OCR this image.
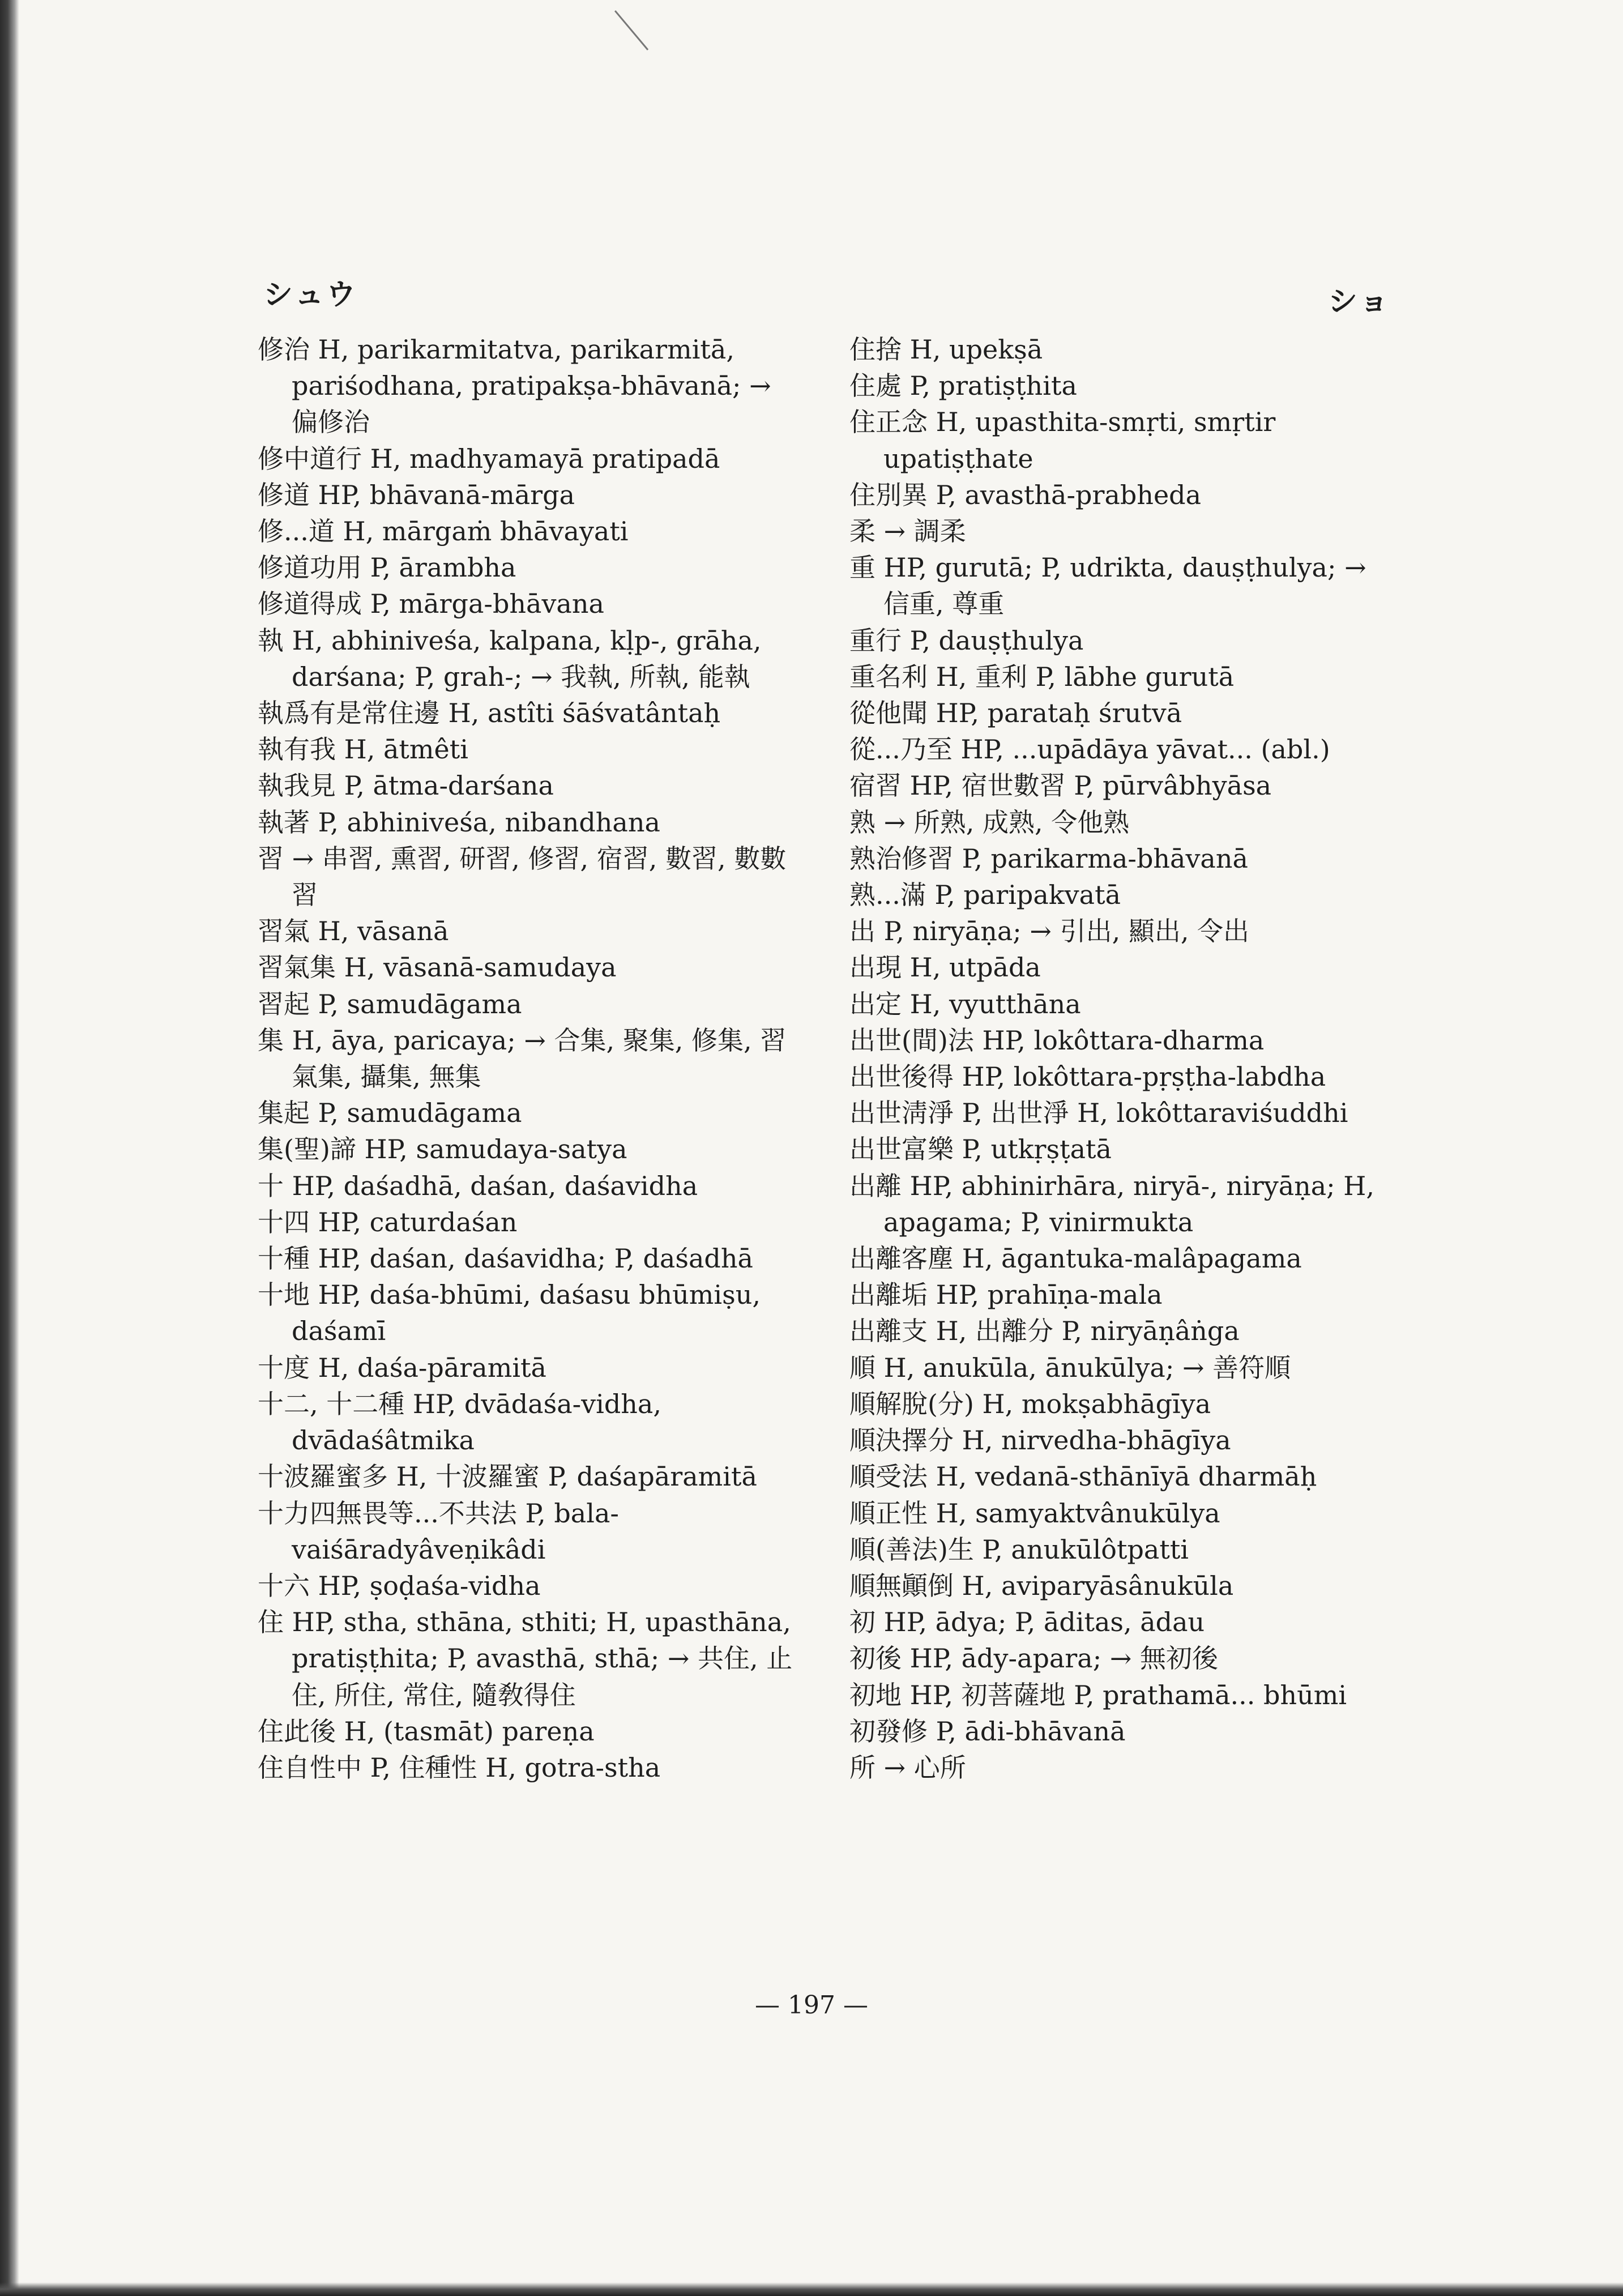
シュウ	ショ

修治 H, parikarmitatva, parikarmitā, pariśodhana, pratipakṣa-bhāvanā; → 偏修治

修中道行 H, madhyamayā pratipadā

修道 HP, bhāvanā-mārga

修...道 H, mārgaṁ bhāvayati

修道功用 P, ārambha

修道得成 P, mārga-bhāvana

執 H, abhiniveśa, kalpana, kḷp-, grāha, darśana; P, grah-; → 我執, 所執, 能執

執爲有是常住邊 H, astîti śāśvatântaḥ

執有我 H, ātmêti

執我見 P, ātma-darśana

執著 P, abhiniveśa, nibandhana

習 → 串習, 熏習, 研習, 修習, 宿習, 數習, 數數習

習氣 H, vāsanā

習氣集 H, vāsanā-samudaya

習起 P, samudāgama

集 H, āya, paricaya; → 合集, 聚集, 修集, 習氣集, 攝集, 無集

集起 P, samudāgama

集(聖)諦 HP, samudaya-satya

十 HP, daśadhā, daśan, daśavidha

十四 HP, caturdaśan

十種 HP, daśan, daśavidha; P, daśadhā

十地 HP, daśa-bhūmi, daśasu bhūmiṣu, daśamī

十度 H, daśa-pāramitā

十二, 十二種 HP, dvādaśa-vidha, dvādaśâtmika

十波羅蜜多 H, 十波羅蜜 P, daśapāramitā

十力四無畏等...不共法 P, bala-vaiśāradyâveṇikâdi

十六 HP, ṣoḍaśa-vidha

住 HP, stha, sthāna, sthiti; H, upasthāna, pratiṣṭhita; P, avasthā, sthā; → 共住, 止住, 所住, 常住, 隨敎得住

住此後 H, (tasmāt) pareṇa

住自性中 P, 住種性 H, gotra-stha

住捨 H, upekṣā

住處 P, pratiṣṭhita

住正念 H, upasthita-smṛti, smṛtir upatiṣṭhate

住別異 P, avasthā-prabheda

柔 → 調柔

重 HP, gurutā; P, udrikta, dauṣṭhulya; → 信重, 尊重

重行 P, dauṣṭhulya

重名利 H, 重利 P, lābhe gurutā

從他聞 HP, parataḥ śrutvā

從...乃至 HP, ...upādāya yāvat... (abl.)

宿習 HP, 宿世數習 P, pūrvâbhyāsa

熟 → 所熟, 成熟, 令他熟

熟治修習 P, parikarma-bhāvanā

熟...滿 P, paripakvatā

出 P, niryāṇa; → 引出, 顯出, 令出

出現 H, utpāda

出定 H, vyutthāna

出世(間)法 HP, lokôttara-dharma

出世後得 HP, lokôttara-pṛṣṭha-labdha

出世淸淨 P, 出世淨 H, lokôttaraviśuddhi

出世富樂 P, utkṛṣṭatā

出離 HP, abhinirhāra, niryā-, niryāṇa; H, apagama; P, vinirmukta

出離客塵 H, āgantuka-malâpagama

出離垢 HP, prahīṇa-mala

出離支 H, 出離分 P, niryāṇâṅga

順 H, anukūla, ānukūlya; → 善符順

順解脫(分) H, mokṣabhāgīya

順決擇分 H, nirvedha-bhāgīya

順受法 H, vedanā-sthānīyā dharmāḥ

順正性 H, samyaktvânukūlya

順(善法)生 P, anukūlôtpatti

順無顚倒 H, aviparyāsânukūla

初 HP, ādya; P, āditas, ādau

初後 HP, ādy-apara; → 無初後

初地 HP, 初菩薩地 P, prathamā... bhūmi

初發修 P, ādi-bhāvanā

所 → 心所

— 197 —
